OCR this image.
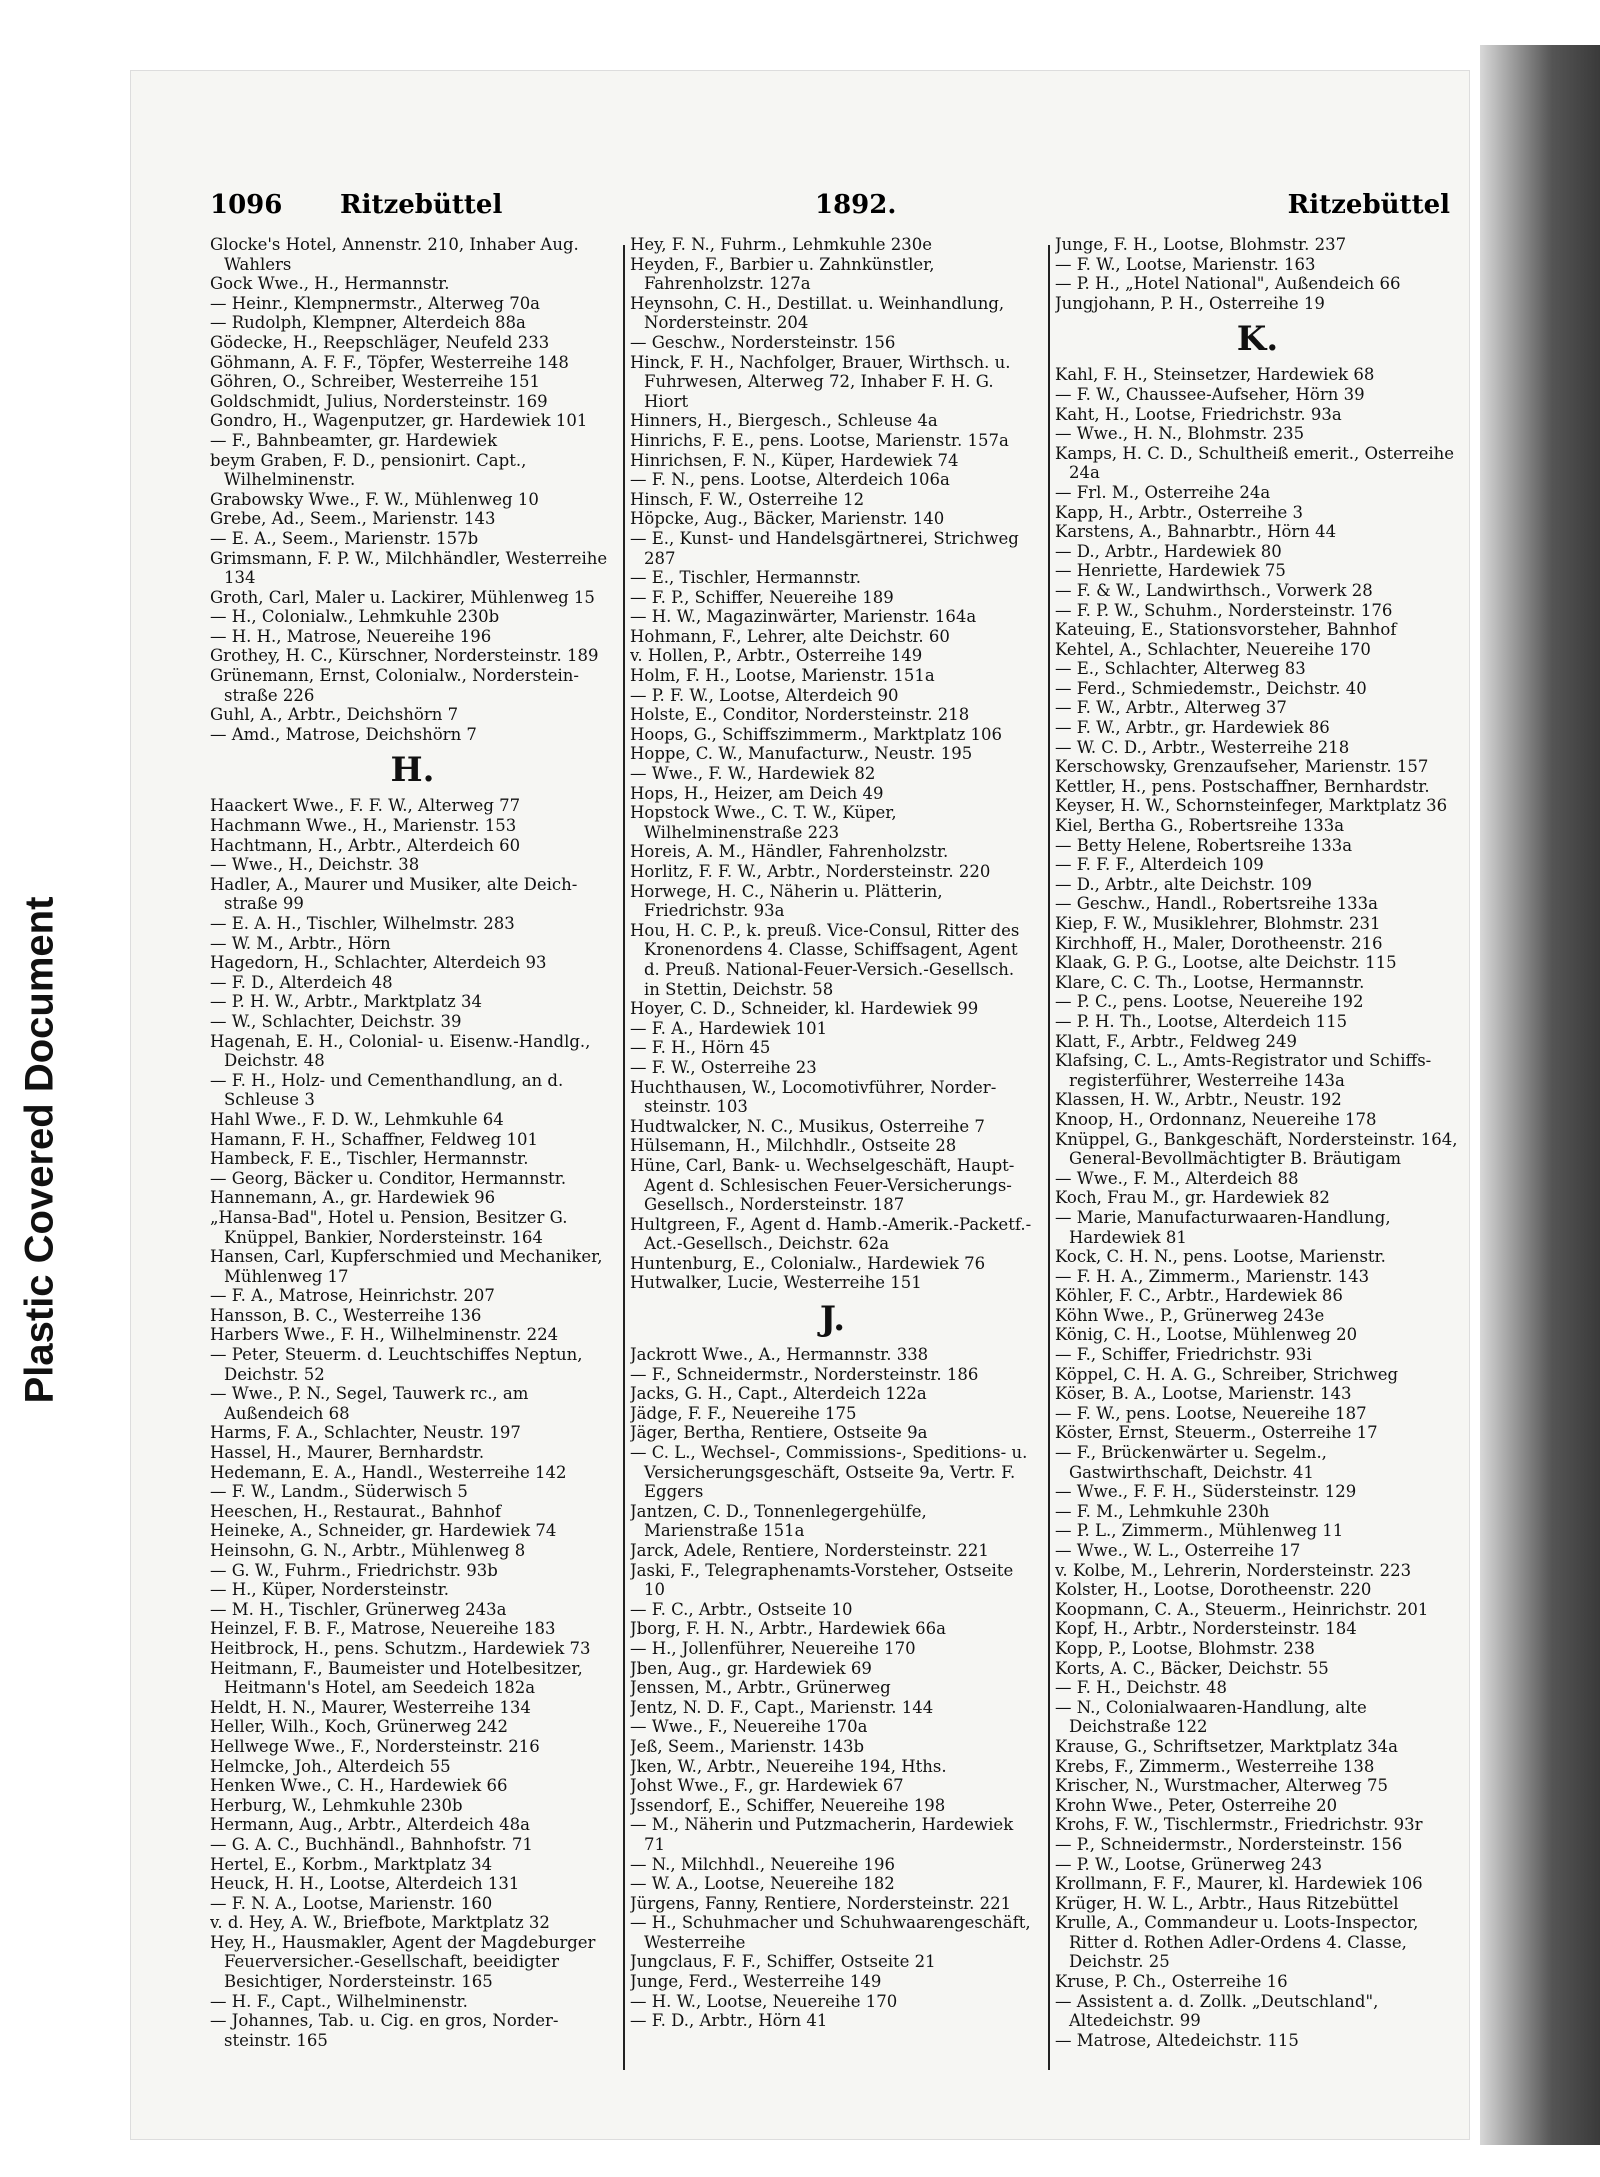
Plastic Covered Document
1096 Ritzebüttel	1892.	Ritzebüttel
Glocke's Hotel, Annenstr. 210, Inhaber Aug. Wahlers
Gock Wwe., H., Hermannstr.
— Heinr., Klempnermstr., Alterweg 70a
— Rudolph, Klempner, Alterdeich 88a
Gödecke, H., Reepschläger, Neufeld 233
Göhmann, A. F. F., Töpfer, Westerreihe 148
Göhren, O., Schreiber, Westerreihe 151
Goldschmidt, Julius, Nordersteinstr. 169
Gondro, H., Wagenputzer, gr. Hardewiek 101
— F., Bahnbeamter, gr. Hardewiek
beym Graben, F. D., pensionirt. Capt., Wilhelminenstr.
Grabowsky Wwe., F. W., Mühlenweg 10
Grebe, Ad., Seem., Marienstr. 143
— E. A., Seem., Marienstr. 157b
Grimsmann, F. P. W., Milchhändler, Westerreihe 134
Groth, Carl, Maler u. Lackirer, Mühlenweg 15
— H., Colonialw., Lehmkuhle 230b
— H. H., Matrose, Neuereihe 196
Grothey, H. C., Kürschner, Nordersteinstr. 189
Grünemann, Ernst, Colonialw., Norderstein-straße 226
Guhl, A., Arbtr., Deichshörn 7
— Amd., Matrose, Deichshörn 7
H.
Haackert Wwe., F. F. W., Alterweg 77
Hachmann Wwe., H., Marienstr. 153
Hachtmann, H., Arbtr., Alterdeich 60
— Wwe., H., Deichstr. 38
Hadler, A., Maurer und Musiker, alte Deich-straße 99
— E. A. H., Tischler, Wilhelmstr. 283
— W. M., Arbtr., Hörn
Hagedorn, H., Schlachter, Alterdeich 93
— F. D., Alterdeich 48
— P. H. W., Arbtr., Marktplatz 34
— W., Schlachter, Deichstr. 39
Hagenah, E. H., Colonial- u. Eisenw.-Handlg., Deichstr. 48
— F. H., Holz- und Cementhandlung, an d. Schleuse 3
Hahl Wwe., F. D. W., Lehmkuhle 64
Hamann, F. H., Schaffner, Feldweg 101
Hambeck, F. E., Tischler, Hermannstr.
— Georg, Bäcker u. Conditor, Hermannstr.
Hannemann, A., gr. Hardewiek 96
„Hansa-Bad", Hotel u. Pension, Besitzer G. Knüppel, Bankier, Nordersteinstr. 164
Hansen, Carl, Kupferschmied und Mechaniker, Mühlenweg 17
— F. A., Matrose, Heinrichstr. 207
Hansson, B. C., Westerreihe 136
Harbers Wwe., F. H., Wilhelminenstr. 224
— Peter, Steuerm. d. Leuchtschiffes Neptun, Deichstr. 52
— Wwe., P. N., Segel, Tauwerk rc., am Außendeich 68
Harms, F. A., Schlachter, Neustr. 197
Hassel, H., Maurer, Bernhardstr.
Hedemann, E. A., Handl., Westerreihe 142
— F. W., Landm., Süderwisch 5
Heeschen, H., Restaurat., Bahnhof
Heineke, A., Schneider, gr. Hardewiek 74
Heinsohn, G. N., Arbtr., Mühlenweg 8
— G. W., Fuhrm., Friedrichstr. 93b
— H., Küper, Nordersteinstr.
— M. H., Tischler, Grünerweg 243a
Heinzel, F. B. F., Matrose, Neuereihe 183
Heitbrock, H., pens. Schutzm., Hardewiek 73
Heitmann, F., Baumeister und Hotelbesitzer, Heitmann's Hotel, am Seedeich 182a
Heldt, H. N., Maurer, Westerreihe 134
Heller, Wilh., Koch, Grünerweg 242
Hellwege Wwe., F., Nordersteinstr. 216
Helmcke, Joh., Alterdeich 55
Henken Wwe., C. H., Hardewiek 66
Herburg, W., Lehmkuhle 230b
Hermann, Aug., Arbtr., Alterdeich 48a
— G. A. C., Buchhändl., Bahnhofstr. 71
Hertel, E., Korbm., Marktplatz 34
Heuck, H. H., Lootse, Alterdeich 131
— F. N. A., Lootse, Marienstr. 160
v. d. Hey, A. W., Briefbote, Marktplatz 32
Hey, H., Hausmakler, Agent der Magdeburger Feuerversicher.-Gesellschaft, beeidigter Besichtiger, Nordersteinstr. 165
— H. F., Capt., Wilhelminenstr.
— Johannes, Tab. u. Cig. en gros, Norder-steinstr. 165
Hey, F. N., Fuhrm., Lehmkuhle 230e
Heyden, F., Barbier u. Zahnkünstler, Fahrenholzstr. 127a
Heynsohn, C. H., Destillat. u. Weinhandlung, Nordersteinstr. 204
— Geschw., Nordersteinstr. 156
Hinck, F. H., Nachfolger, Brauer, Wirthsch. u. Fuhrwesen, Alterweg 72, Inhaber F. H. G. Hiort
Hinners, H., Biergesch., Schleuse 4a
Hinrichs, F. E., pens. Lootse, Marienstr. 157a
Hinrichsen, F. N., Küper, Hardewiek 74
— F. N., pens. Lootse, Alterdeich 106a
Hinsch, F. W., Osterreihe 12
Höpcke, Aug., Bäcker, Marienstr. 140
— E., Kunst- und Handelsgärtnerei, Strichweg 287
— E., Tischler, Hermannstr.
— F. P., Schiffer, Neuereihe 189
— H. W., Magazinwärter, Marienstr. 164a
Hohmann, F., Lehrer, alte Deichstr. 60
v. Hollen, P., Arbtr., Osterreihe 149
Holm, F. H., Lootse, Marienstr. 151a
— P. F. W., Lootse, Alterdeich 90
Holste, E., Conditor, Nordersteinstr. 218
Hoops, G., Schiffszimmerm., Marktplatz 106
Hoppe, C. W., Manufacturw., Neustr. 195
— Wwe., F. W., Hardewiek 82
Hops, H., Heizer, am Deich 49
Hopstock Wwe., C. T. W., Küper, Wilhelminenstraße 223
Horeis, A. M., Händler, Fahrenholzstr.
Horlitz, F. F. W., Arbtr., Nordersteinstr. 220
Horwege, H. C., Näherin u. Plätterin, Friedrichstr. 93a
Hou, H. C. P., k. preuß. Vice-Consul, Ritter des Kronenordens 4. Classe, Schiffsagent, Agent d. Preuß. National-Feuer-Versich.-Gesellsch. in Stettin, Deichstr. 58
Hoyer, C. D., Schneider, kl. Hardewiek 99
— F. A., Hardewiek 101
— F. H., Hörn 45
— F. W., Osterreihe 23
Huchthausen, W., Locomotivführer, Norder-steinstr. 103
Hudtwalcker, N. C., Musikus, Osterreihe 7
Hülsemann, H., Milchhdlr., Ostseite 28
Hüne, Carl, Bank- u. Wechselgeschäft, Haupt-Agent d. Schlesischen Feuer-Versicherungs-Gesellsch., Nordersteinstr. 187
Hultgreen, F., Agent d. Hamb.-Amerik.-Packetf.-Act.-Gesellsch., Deichstr. 62a
Huntenburg, E., Colonialw., Hardewiek 76
Hutwalker, Lucie, Westerreihe 151
J.
Jackrott Wwe., A., Hermannstr. 338
— F., Schneidermstr., Nordersteinstr. 186
Jacks, G. H., Capt., Alterdeich 122a
Jädge, F. F., Neuereihe 175
Jäger, Bertha, Rentiere, Ostseite 9a
— C. L., Wechsel-, Commissions-, Speditions- u. Versicherungsgeschäft, Ostseite 9a, Vertr. F. Eggers
Jantzen, C. D., Tonnenlegergehülfe, Marienstraße 151a
Jarck, Adele, Rentiere, Nordersteinstr. 221
Jaski, F., Telegraphenamts-Vorsteher, Ostseite 10
— F. C., Arbtr., Ostseite 10
Jborg, F. H. N., Arbtr., Hardewiek 66a
— H., Jollenführer, Neuereihe 170
Jben, Aug., gr. Hardewiek 69
Jenssen, M., Arbtr., Grünerweg
Jentz, N. D. F., Capt., Marienstr. 144
— Wwe., F., Neuereihe 170a
Jeß, Seem., Marienstr. 143b
Jken, W., Arbtr., Neuereihe 194, Hths.
Johst Wwe., F., gr. Hardewiek 67
Jssendorf, E., Schiffer, Neuereihe 198
— M., Näherin und Putzmacherin, Hardewiek 71
— N., Milchhdl., Neuereihe 196
— W. A., Lootse, Neuereihe 182
Jürgens, Fanny, Rentiere, Nordersteinstr. 221
— H., Schuhmacher und Schuhwaarengeschäft, Westerreihe
Jungclaus, F. F., Schiffer, Ostseite 21
Junge, Ferd., Westerreihe 149
— H. W., Lootse, Neuereihe 170
— F. D., Arbtr., Hörn 41
Junge, F. H., Lootse, Blohmstr. 237
— F. W., Lootse, Marienstr. 163
— P. H., „Hotel National", Außendeich 66
Jungjohann, P. H., Osterreihe 19
K.
Kahl, F. H., Steinsetzer, Hardewiek 68
— F. W., Chaussee-Aufseher, Hörn 39
Kaht, H., Lootse, Friedrichstr. 93a
— Wwe., H. N., Blohmstr. 235
Kamps, H. C. D., Schultheiß emerit., Osterreihe 24a
— Frl. M., Osterreihe 24a
Kapp, H., Arbtr., Osterreihe 3
Karstens, A., Bahnarbtr., Hörn 44
— D., Arbtr., Hardewiek 80
— Henriette, Hardewiek 75
— F. & W., Landwirthsch., Vorwerk 28
— F. P. W., Schuhm., Nordersteinstr. 176
Kateuing, E., Stationsvorsteher, Bahnhof
Kehtel, A., Schlachter, Neuereihe 170
— E., Schlachter, Alterweg 83
— Ferd., Schmiedemstr., Deichstr. 40
— F. W., Arbtr., Alterweg 37
— F. W., Arbtr., gr. Hardewiek 86
— W. C. D., Arbtr., Westerreihe 218
Kerschowsky, Grenzaufseher, Marienstr. 157
Kettler, H., pens. Postschaffner, Bernhardstr.
Keyser, H. W., Schornsteinfeger, Marktplatz 36
Kiel, Bertha G., Robertsreihe 133a
— Betty Helene, Robertsreihe 133a
— F. F. F., Alterdeich 109
— D., Arbtr., alte Deichstr. 109
— Geschw., Handl., Robertsreihe 133a
Kiep, F. W., Musiklehrer, Blohmstr. 231
Kirchhoff, H., Maler, Dorotheenstr. 216
Klaak, G. P. G., Lootse, alte Deichstr. 115
Klare, C. C. Th., Lootse, Hermannstr.
— P. C., pens. Lootse, Neuereihe 192
— P. H. Th., Lootse, Alterdeich 115
Klatt, F., Arbtr., Feldweg 249
Klafsing, C. L., Amts-Registrator und Schiffs-registerführer, Westerreihe 143a
Klassen, H. W., Arbtr., Neustr. 192
Knoop, H., Ordonnanz, Neuereihe 178
Knüppel, G., Bankgeschäft, Nordersteinstr. 164, General-Bevollmächtigter B. Bräutigam
— Wwe., F. M., Alterdeich 88
Koch, Frau M., gr. Hardewiek 82
— Marie, Manufacturwaaren-Handlung, Hardewiek 81
Kock, C. H. N., pens. Lootse, Marienstr.
— F. H. A., Zimmerm., Marienstr. 143
Köhler, F. C., Arbtr., Hardewiek 86
Köhn Wwe., P., Grünerweg 243e
König, C. H., Lootse, Mühlenweg 20
— F., Schiffer, Friedrichstr. 93i
Köppel, C. H. A. G., Schreiber, Strichweg
Köser, B. A., Lootse, Marienstr. 143
— F. W., pens. Lootse, Neuereihe 187
Köster, Ernst, Steuerm., Osterreihe 17
— F., Brückenwärter u. Segelm., Gastwirthschaft, Deichstr. 41
— Wwe., F. F. H., Südersteinstr. 129
— F. M., Lehmkuhle 230h
— P. L., Zimmerm., Mühlenweg 11
— Wwe., W. L., Osterreihe 17
v. Kolbe, M., Lehrerin, Nordersteinstr. 223
Kolster, H., Lootse, Dorotheenstr. 220
Koopmann, C. A., Steuerm., Heinrichstr. 201
Kopf, H., Arbtr., Nordersteinstr. 184
Kopp, P., Lootse, Blohmstr. 238
Korts, A. C., Bäcker, Deichstr. 55
— F. H., Deichstr. 48
— N., Colonialwaaren-Handlung, alte Deichstraße 122
Krause, G., Schriftsetzer, Marktplatz 34a
Krebs, F., Zimmerm., Westerreihe 138
Krischer, N., Wurstmacher, Alterweg 75
Krohn Wwe., Peter, Osterreihe 20
Krohs, F. W., Tischlermstr., Friedrichstr. 93r
— P., Schneidermstr., Nordersteinstr. 156
— P. W., Lootse, Grünerweg 243
Krollmann, F. F., Maurer, kl. Hardewiek 106
Krüger, H. W. L., Arbtr., Haus Ritzebüttel
Krulle, A., Commandeur u. Loots-Inspector, Ritter d. Rothen Adler-Ordens 4. Classe, Deichstr. 25
Kruse, P. Ch., Osterreihe 16
— Assistent a. d. Zollk. „Deutschland", Altedeichstr. 99
— Matrose, Altedeichstr. 115
